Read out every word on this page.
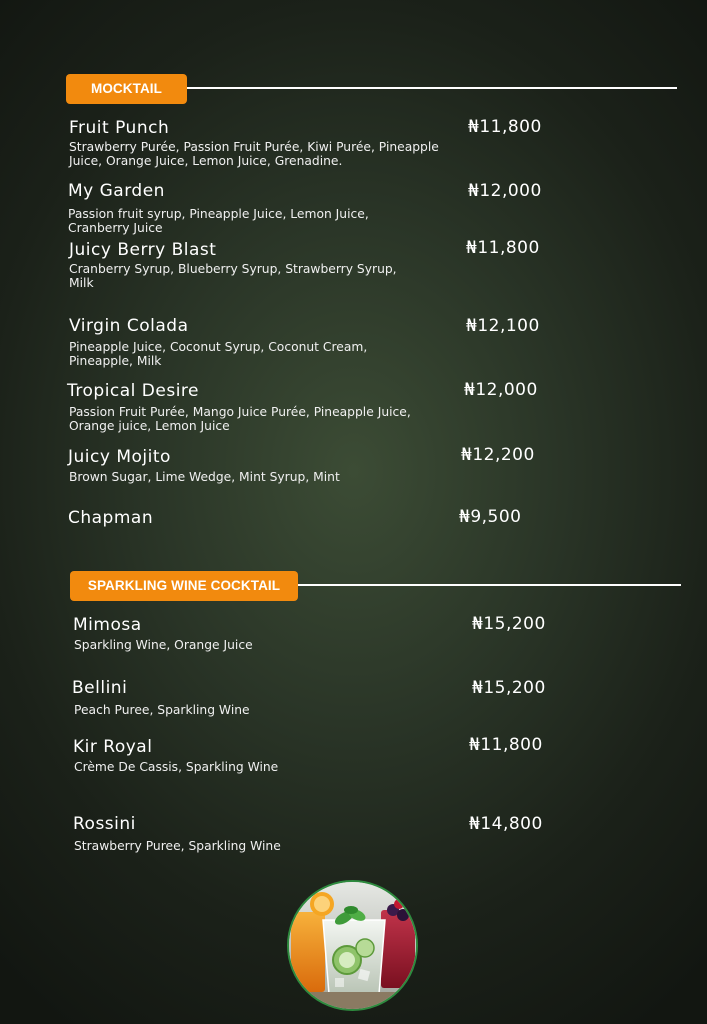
MOCKTAIL
Fruit Punch
Strawberry Purée, Passion Fruit Purée, Kiwi Purée, Pineapple Juice, Orange Juice, Lemon Juice, Grenadine.
₦11,800
My Garden
Passion fruit syrup, Pineapple Juice, Lemon Juice, Cranberry Juice
₦12,000
Juicy Berry Blast
Cranberry Syrup, Blueberry Syrup, Strawberry Syrup, Milk
₦11,800
Virgin Colada
Pineapple Juice, Coconut Syrup, Coconut Cream, Pineapple, Milk
₦12,100
Tropical Desire
Passion Fruit Purée, Mango Juice Purée, Pineapple Juice, Orange juice, Lemon Juice
₦12,000
Juicy Mojito
Brown Sugar, Lime Wedge, Mint Syrup, Mint
₦12,200
Chapman	₦9,500
SPARKLING WINE COCKTAIL
Mimosa
Sparkling Wine, Orange Juice
₦15,200
Bellini
Peach Puree, Sparkling Wine
₦15,200
Kir Royal
Crème De Cassis, Sparkling Wine
₦11,800
Rossini
Strawberry Puree, Sparkling Wine
₦14,800
